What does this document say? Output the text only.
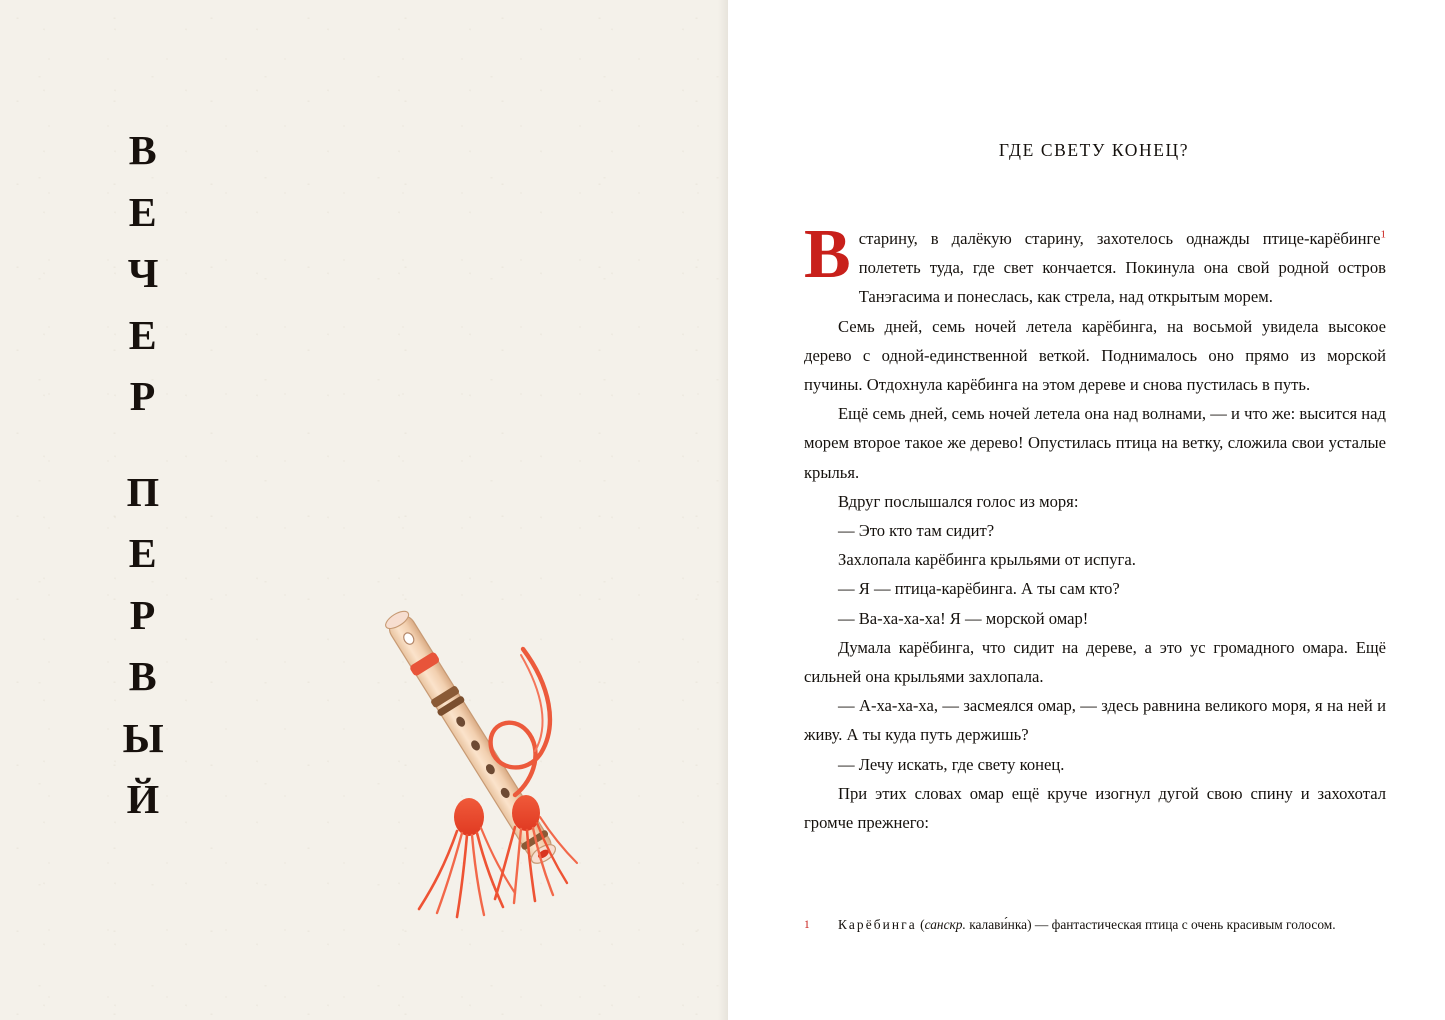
В
Е
Ч
Е
Р
П
Е
Р
В
Ы
Й
ГДЕ СВЕТУ КОНЕЦ?

Встарину, в далёкую старину, захотелось однажды птице-карёбинге$^1$ полететь туда, где свет кончается. Покинула она свой родной остров Танэгасима и понеслась, как стрела, над открытым морем.

Семь дней, семь ночей летела карёбинга, на восьмой увидела высокое дерево с одной-единственной веткой. Поднималось оно прямо из морской пучины. Отдохнула карёбинга на этом дереве и снова пустилась в путь.

Ещё семь дней, семь ночей летела она над волнами, — и что же: высится над морем второе такое же дерево! Опустилась птица на ветку, сложила свои усталые крылья.

Вдруг послышался голос из моря:

— Это кто там сидит?

Захлопала карёбинга крыльями от испуга.

— Я — птица-карёбинга. А ты сам кто?

— Ва-ха-ха-ха! Я — морской омар!

Думала карёбинга, что сидит на дереве, а это ус громадного омара. Ещё сильней она крыльями захлопала.

— А-ха-ха-ха, — засмеялся омар, — здесь равнина великого моря, я на ней и живу. А ты куда путь держишь?

— Лечу искать, где свету конец.

При этих словах омар ещё круче изогнул дугой свою спину и захохотал громче прежнего:

1	Карёбинга (санскр. калави́нка) — фантастическая птица с очень красивым голосом.
